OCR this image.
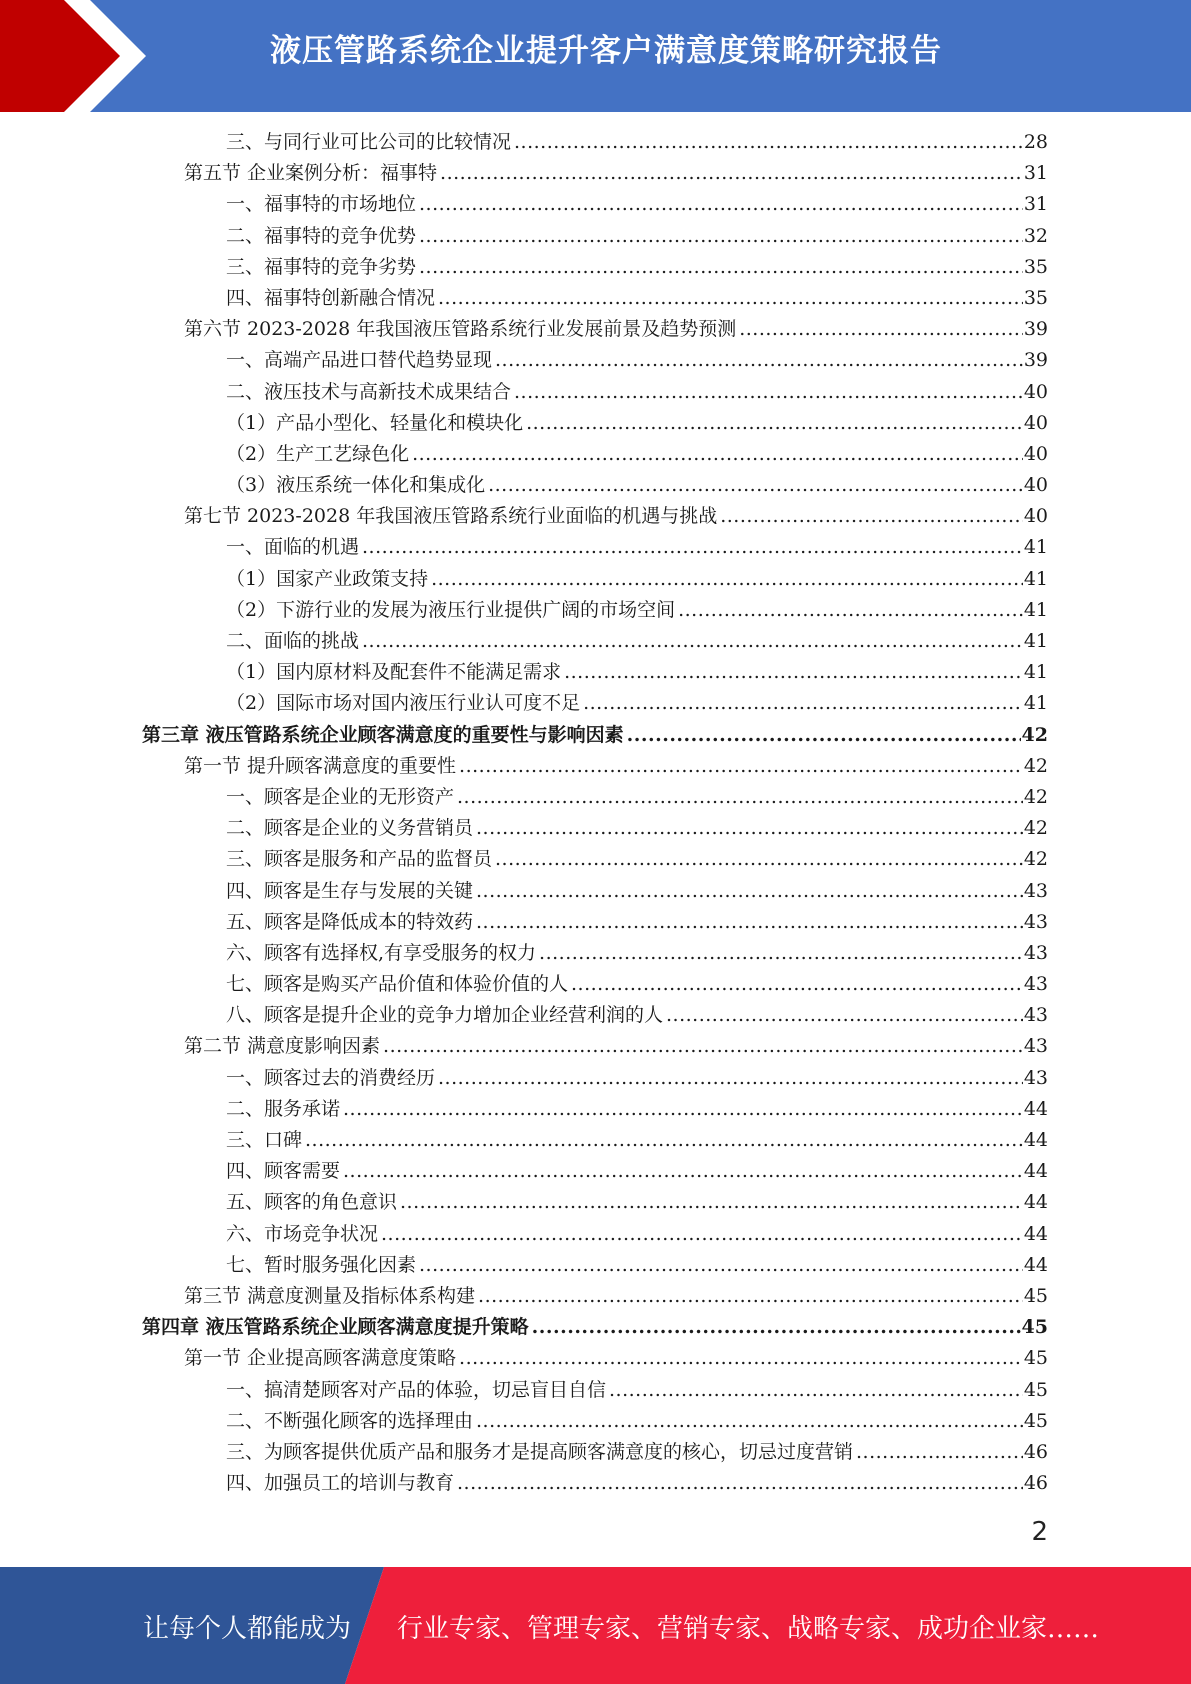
液压管路系统企业提升客户满意度策略研究报告
三、与同行业可比公司的比较情况 .....	28
第五节 企业案例分析：福事特 .....	31
一、福事特的市场地位 .....	31
二、福事特的竞争优势 .....	32
三、福事特的竞争劣势 .....	35
四、福事特创新融合情况 .....	35
第六节 2023-2028 年我国液压管路系统行业发展前景及趋势预测 .....	39
一、高端产品进口替代趋势显现 .....	39
二、液压技术与高新技术成果结合 .....	40
（1）产品小型化、轻量化和模块化 .....	40
（2）生产工艺绿色化 .....	40
（3）液压系统一体化和集成化 .....	40
第七节 2023-2028 年我国液压管路系统行业面临的机遇与挑战 .....	40
一、面临的机遇 .....	41
（1）国家产业政策支持 .....	41
（2）下游行业的发展为液压行业提供广阔的市场空间 .....	41
二、面临的挑战 .....	41
（1）国内原材料及配套件不能满足需求 .....	41
（2）国际市场对国内液压行业认可度不足 .....	41
第三章 液压管路系统企业顾客满意度的重要性与影响因素 .....	42
第一节 提升顾客满意度的重要性 .....	42
一、顾客是企业的无形资产 .....	42
二、顾客是企业的义务营销员 .....	42
三、顾客是服务和产品的监督员 .....	42
四、顾客是生存与发展的关键 .....	43
五、顾客是降低成本的特效药 .....	43
六、顾客有选择权,有享受服务的权力 .....	43
七、顾客是购买产品价值和体验价值的人 .....	43
八、顾客是提升企业的竞争力增加企业经营利润的人 .....	43
第二节 满意度影响因素 .....	43
一、顾客过去的消费经历 .....	43
二、服务承诺 .....	44
三、口碑 .....	44
四、顾客需要 .....	44
五、顾客的角色意识 .....	44
六、市场竞争状况 .....	44
七、暂时服务强化因素 .....	44
第三节 满意度测量及指标体系构建 .....	45
第四章 液压管路系统企业顾客满意度提升策略 .....	45
第一节 企业提高顾客满意度策略 .....	45
一、搞清楚顾客对产品的体验，切忌盲目自信 .....	45
二、不断强化顾客的选择理由 .....	45
三、为顾客提供优质产品和服务才是提高顾客满意度的核心，切忌过度营销 .....	46
四、加强员工的培训与教育 .....	46
2
让每个人都能成为 行业专家、管理专家、营销专家、战略专家、成功企业家……
